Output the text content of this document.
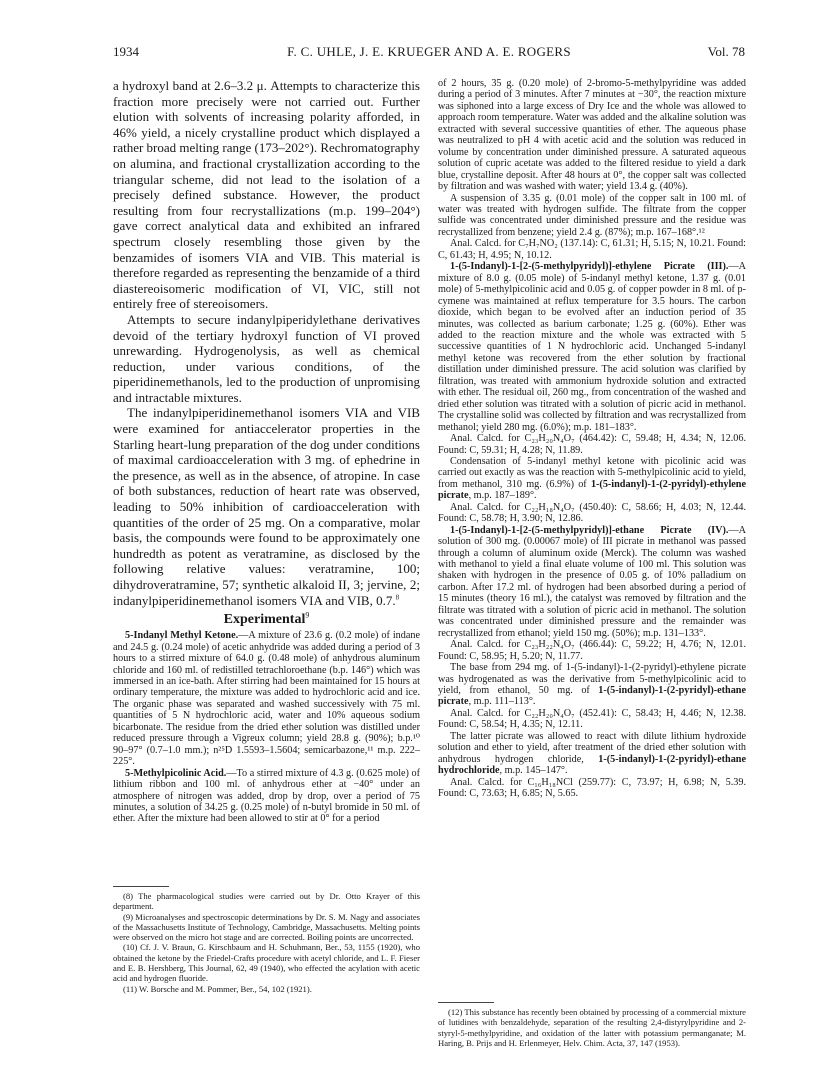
1934	F. C. UHLE, J. E. KRUEGER AND A. E. ROGERS	Vol. 78

a hydroxyl band at 2.6–3.2 μ. Attempts to characterize this fraction more precisely were not carried out. Further elution with solvents of increasing polarity afforded, in 46% yield, a nicely crystalline product which displayed a rather broad melting range (173–202°). Rechromatography on alumina, and fractional crystallization according to the triangular scheme, did not lead to the isolation of a precisely defined substance. However, the product resulting from four recrystallizations (m.p. 199–204°) gave correct analytical data and exhibited an infrared spectrum closely resembling those given by the benzamides of isomers VIA and VIB. This material is therefore regarded as representing the benzamide of a third diastereoisomeric modification of VI, VIC, still not entirely free of stereoisomers.

Attempts to secure indanylpiperidylethane derivatives devoid of the tertiary hydroxyl function of VI proved unrewarding. Hydrogenolysis, as well as chemical reduction, under various conditions, of the piperidinemethanols, led to the production of unpromising and intractable mixtures.

The indanylpiperidinemethanol isomers VIA and VIB were examined for antiaccelerator properties in the Starling heart-lung preparation of the dog under conditions of maximal cardioacceleration with 3 mg. of ephedrine in the presence, as well as in the absence, of atropine. In case of both substances, reduction of heart rate was observed, leading to 50% inhibition of cardioacceleration with quantities of the order of 25 mg. On a comparative, molar basis, the compounds were found to be approximately one hundredth as potent as veratramine, as disclosed by the following relative values: veratramine, 100; dihydroveratramine, 57; synthetic alkaloid II, 3; jervine, 2; indanylpiperidinemethanol isomers VIA and VIB, 0.7.$^8$

Experimental$^9$

5-Indanyl Methyl Ketone.—A mixture of 23.6 g. (0.2 mole) of indane and 24.5 g. (0.24 mole) of acetic anhydride was added during a period of 3 hours to a stirred mixture of 64.0 g. (0.48 mole) of anhydrous aluminum chloride and 160 ml. of redistilled tetrachloroethane (b.p. 146°) which was immersed in an ice-bath. After stirring had been maintained for 15 hours at ordinary temperature, the mixture was added to hydrochloric acid and ice. The organic phase was separated and washed successively with 75 ml. quantities of 5 N hydrochloric acid, water and 10% aqueous sodium bicarbonate. The residue from the dried ether solution was distilled under reduced pressure through a Vigreux column; yield 28.8 g. (90%); b.p.¹⁰ 90–97° (0.7–1.0 mm.); n²⁵D 1.5593–1.5604; semicarbazone,¹¹ m.p. 222–225°.

5-Methylpicolinic Acid.—To a stirred mixture of 4.3 g. (0.625 mole) of lithium ribbon and 100 ml. of anhydrous ether at −40° under an atmosphere of nitrogen was added, drop by drop, over a period of 75 minutes, a solution of 34.25 g. (0.25 mole) of n-butyl bromide in 50 ml. of ether. After the mixture had been allowed to stir at 0° for a period

(8) The pharmacological studies were carried out by Dr. Otto Krayer of this department.

(9) Microanalyses and spectroscopic determinations by Dr. S. M. Nagy and associates of the Massachusetts Institute of Technology, Cambridge, Massachusetts. Melting points were observed on the micro hot stage and are corrected. Boiling points are uncorrected.

(10) Cf. J. V. Braun, G. Kirschbaum and H. Schuhmann, Ber., 53, 1155 (1920), who obtained the ketone by the Friedel-Crafts procedure with acetyl chloride, and L. F. Fieser and E. B. Hershberg, This Journal, 62, 49 (1940), who effected the acylation with acetic acid and hydrogen fluoride.

(11) W. Borsche and M. Pommer, Ber., 54, 102 (1921).

of 2 hours, 35 g. (0.20 mole) of 2-bromo-5-methylpyridine was added during a period of 3 minutes. After 7 minutes at −30°, the reaction mixture was siphoned into a large excess of Dry Ice and the whole was allowed to approach room temperature. Water was added and the alkaline solution was extracted with several successive quantities of ether. The aqueous phase was neutralized to pH 4 with acetic acid and the solution was reduced in volume by concentration under diminished pressure. A saturated aqueous solution of cupric acetate was added to the filtered residue to yield a dark blue, crystalline deposit. After 48 hours at 0°, the copper salt was collected by filtration and was washed with water; yield 13.4 g. (40%).

A suspension of 3.35 g. (0.01 mole) of the copper salt in 100 ml. of water was treated with hydrogen sulfide. The filtrate from the copper sulfide was concentrated under diminished pressure and the residue was recrystallized from benzene; yield 2.4 g. (87%); m.p. 167–168°.¹²

Anal. Calcd. for C₇H₇NO₂ (137.14): C, 61.31; H, 5.15; N, 10.21. Found: C, 61.43; H, 4.95; N, 10.12.

1-(5-Indanyl)-1-[2-(5-methylpyridyl)]-ethylene Picrate (III).—A mixture of 8.0 g. (0.05 mole) of 5-indanyl methyl ketone, 1.37 g. (0.01 mole) of 5-methylpicolinic acid and 0.05 g. of copper powder in 8 ml. of p-cymene was maintained at reflux temperature for 3.5 hours. The carbon dioxide, which began to be evolved after an induction period of 35 minutes, was collected as barium carbonate; 1.25 g. (60%). Ether was added to the reaction mixture and the whole was extracted with 5 successive quantities of 1 N hydrochloric acid. Unchanged 5-indanyl methyl ketone was recovered from the ether solution by fractional distillation under diminished pressure. The acid solution was clarified by filtration, was treated with ammonium hydroxide solution and extracted with ether. The residual oil, 260 mg., from concentration of the washed and dried ether solution was titrated with a solution of picric acid in methanol. The crystalline solid was collected by filtration and was recrystallized from methanol; yield 280 mg. (6.0%); m.p. 181–183°.

Anal. Calcd. for C₂₃H₂₀N₄O₇ (464.42): C, 59.48; H, 4.34; N, 12.06. Found: C, 59.31; H, 4.28; N, 11.89.

Condensation of 5-indanyl methyl ketone with picolinic acid was carried out exactly as was the reaction with 5-methylpicolinic acid to yield, from methanol, 310 mg. (6.9%) of 1-(5-indanyl)-1-(2-pyridyl)-ethylene picrate, m.p. 187–189°.

Anal. Calcd. for C₂₂H₁₈N₄O₇ (450.40): C, 58.66; H, 4.03; N, 12.44. Found: C, 58.78; H, 3.90; N, 12.86.

1-(5-Indanyl)-1-[2-(5-methylpyridyl)]-ethane Picrate (IV).—A solution of 300 mg. (0.00067 mole) of III picrate in methanol was passed through a column of aluminum oxide (Merck). The column was washed with methanol to yield a final eluate volume of 100 ml. This solution was shaken with hydrogen in the presence of 0.05 g. of 10% palladium on carbon. After 17.2 ml. of hydrogen had been absorbed during a period of 15 minutes (theory 16 ml.), the catalyst was removed by filtration and the filtrate was titrated with a solution of picric acid in methanol. The solution was concentrated under diminished pressure and the remainder was recrystallized from ethanol; yield 150 mg. (50%); m.p. 131–133°.

Anal. Calcd. for C₂₃H₂₂N₄O₇ (466.44): C, 59.22; H, 4.76; N, 12.01. Found: C, 58.95; H, 5.20; N, 11.77.

The base from 294 mg. of 1-(5-indanyl)-1-(2-pyridyl)-ethylene picrate was hydrogenated as was the derivative from 5-methylpicolinic acid to yield, from ethanol, 50 mg. of 1-(5-indanyl)-1-(2-pyridyl)-ethane picrate, m.p. 111–113°.

Anal. Calcd. for C₂₂H₂₀N₄O₇ (452.41): C, 58.43; H, 4.46; N, 12.38. Found: C, 58.54; H, 4.35; N, 12.11.

The latter picrate was allowed to react with dilute lithium hydroxide solution and ether to yield, after treatment of the dried ether solution with anhydrous hydrogen chloride, 1-(5-indanyl)-1-(2-pyridyl)-ethane hydrochloride, m.p. 145–147°.

Anal. Calcd. for C₁₆H₁₈NCl (259.77): C, 73.97; H, 6.98; N, 5.39. Found: C, 73.63; H, 6.85; N, 5.65.

(12) This substance has recently been obtained by processing of a commercial mixture of lutidines with benzaldehyde, separation of the resulting 2,4-distyrylpyridine and 2-styryl-5-methylpyridine, and oxidation of the latter with potassium permanganate; M. Haring, B. Prijs and H. Erlenmeyer, Helv. Chim. Acta, 37, 147 (1953).
